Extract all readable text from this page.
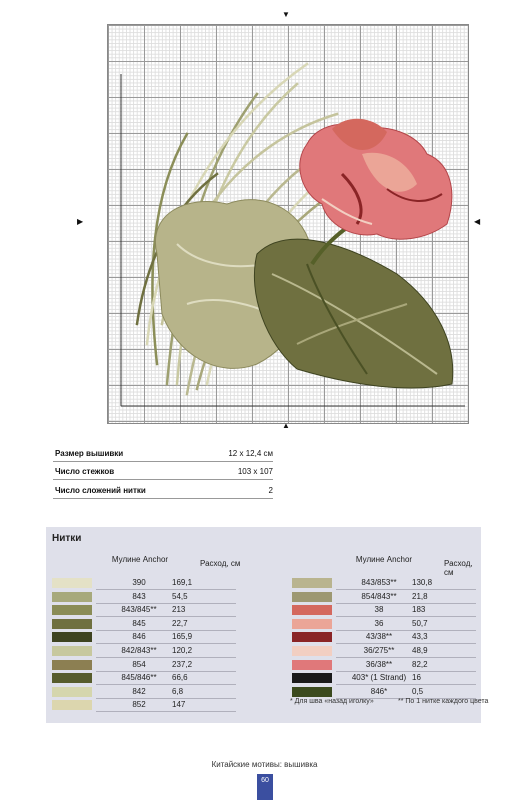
▼
▲
▶	◀
Размер вышивки	12 x 12,4 см
Число стежков	103 x 107
Число сложений нитки	2
Нитки
Мулине Anchor	Расход, см	Мулине Anchor	Расход, см
390	169,1
843	54,5
843/845**	213
845	22,7
846	165,9
842/843**	120,2
854	237,2
845/846**	66,6
842	6,8
852	147
843/853**	130,8
854/843**	21,8
38	183
36	50,7
43/38**	43,3
36/275**	48,9
36/38**	82,2
403* (1 Strand) 16
846*	0,5
* Для шва «назад иголку»	** По 1 нитке каждого цвета
Китайские мотивы: вышивка
60
